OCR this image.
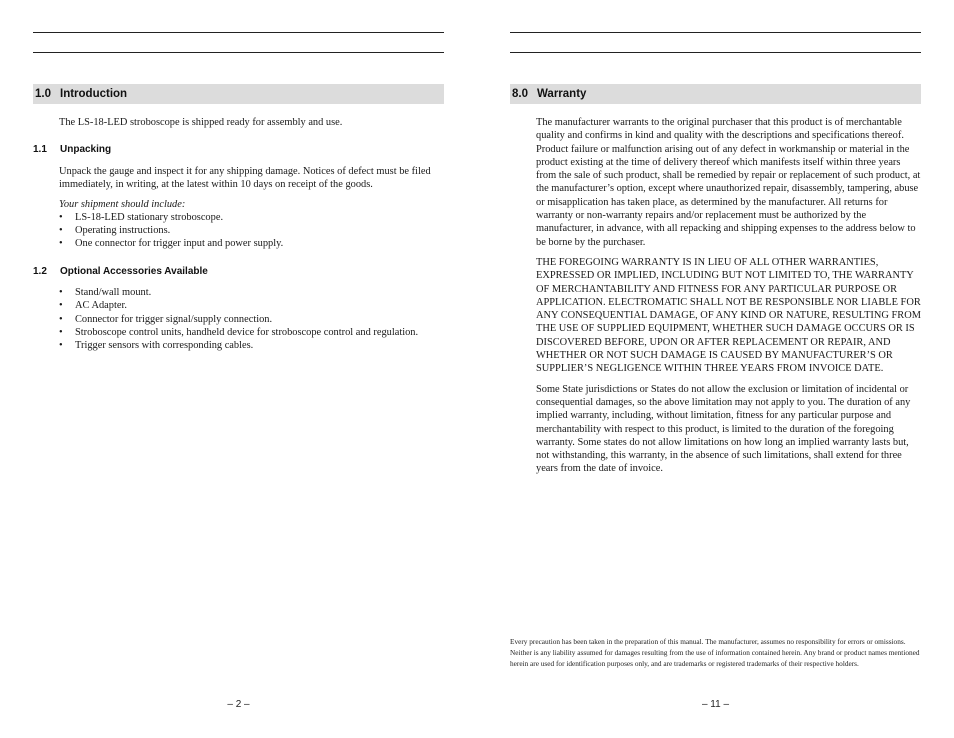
1.0 Introduction

The LS-18-LED stroboscope is shipped ready for assembly and use.

1.1 Unpacking

Unpack the gauge and inspect it for any shipping damage. Notices of defect must be filed immediately, in writing, at the latest within 10 days on receipt of the goods.

Your shipment should include:

• LS-18-LED stationary stroboscope.
• Operating instructions.
• One connector for trigger input and power supply.
1.2 Optional Accessories Available
• Stand/wall mount.
• AC Adapter.
• Connector for trigger signal/supply connection.
• Stroboscope control units, handheld device for stroboscope control and regulation.
• Trigger sensors with corresponding cables.
– 2 –
8.0 Warranty

The manufacturer warrants to the original purchaser that this product is of merchantable quality and confirms in kind and quality with the descriptions and specifications thereof. Product failure or malfunction arising out of any defect in workmanship or material in the product existing at the time of delivery thereof which manifests itself within three years from the sale of such product, shall be remedied by repair or replacement of such product, at the manufacturer’s option, except where unauthorized repair, disassembly, tampering, abuse or misapplication has taken place, as determined by the manufacturer. All returns for warranty or non-warranty repairs and/or replacement must be authorized by the manufacturer, in advance, with all repacking and shipping expenses to the address below to be borne by the purchaser.

THE FOREGOING WARRANTY IS IN LIEU OF ALL OTHER WARRANTIES, EXPRESSED OR IMPLIED, INCLUDING BUT NOT LIMITED TO, THE WARRANTY OF MERCHANTABILITY AND FITNESS FOR ANY PARTICULAR PURPOSE OR APPLICATION. ELECTROMATIC SHALL NOT BE RESPONSIBLE NOR LIABLE FOR ANY CONSEQUENTIAL DAMAGE, OF ANY KIND OR NATURE, RESULTING FROM THE USE OF SUPPLIED EQUIPMENT, WHETHER SUCH DAMAGE OCCURS OR IS DISCOVERED BEFORE, UPON OR AFTER REPLACEMENT OR REPAIR, AND WHETHER OR NOT SUCH DAMAGE IS CAUSED BY MANUFACTURER’S OR SUPPLIER’S NEGLIGENCE WITHIN THREE YEARS FROM INVOICE DATE.

Some State jurisdictions or States do not allow the exclusion or limitation of incidental or consequential damages, so the above limitation may not apply to you. The duration of any implied warranty, including, without limitation, fitness for any particular purpose and merchantability with respect to this product, is limited to the duration of the foregoing warranty. Some states do not allow limitations on how long an implied warranty lasts but, not withstanding, this warranty, in the absence of such limitations, shall extend for three years from the date of invoice.

Every precaution has been taken in the preparation of this manual. The manufacturer, assumes no responsibility for errors or omissions. Neither is any liability assumed for damages resulting from the use of information contained herein. Any brand or product names mentioned herein are used for identification purposes only, and are trademarks or registered trademarks of their respective holders.
– 11 –
